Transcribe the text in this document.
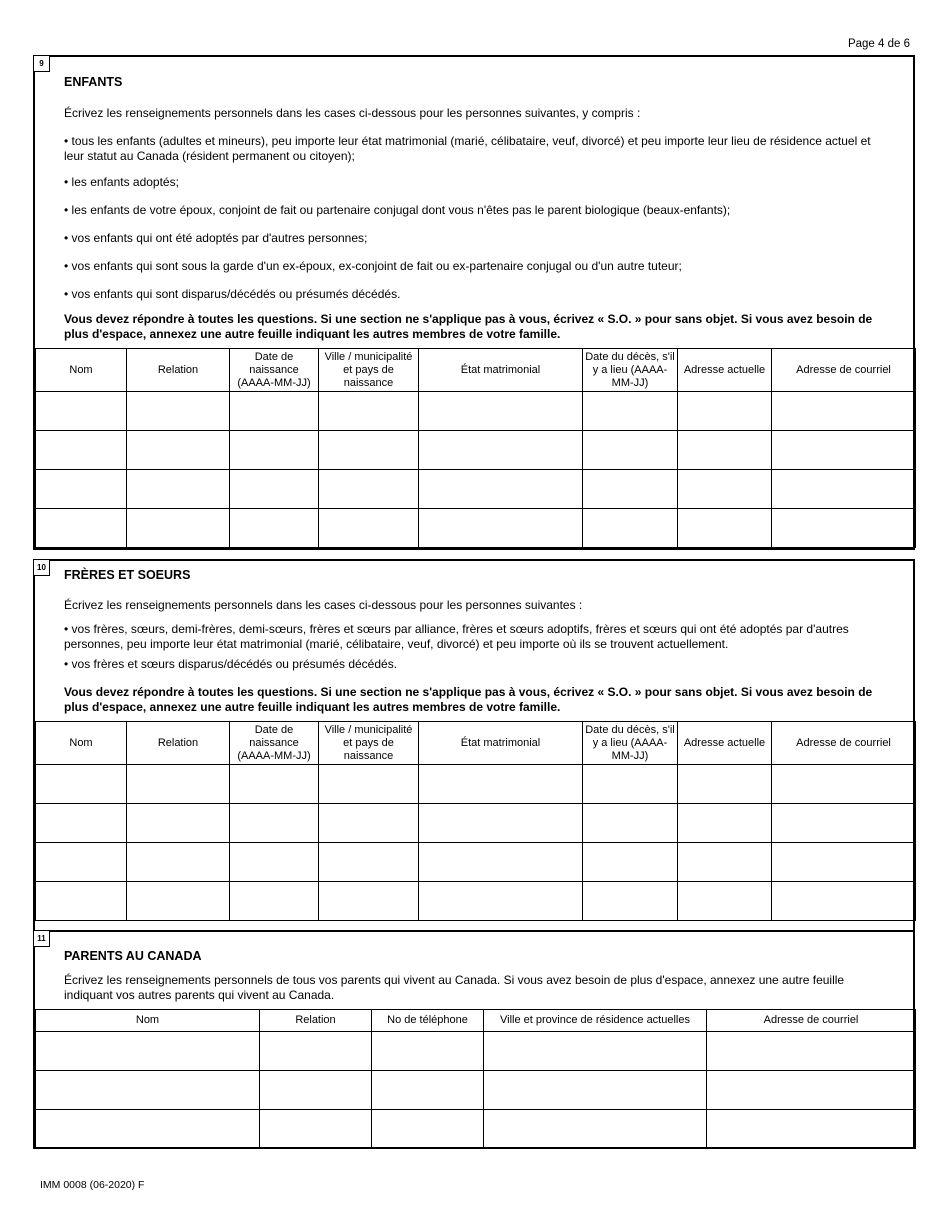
Page 4 de 6
9
ENFANTS
Écrivez les renseignements personnels dans les cases ci-dessous pour les personnes suivantes, y compris :
• tous les enfants (adultes et mineurs), peu importe leur état matrimonial (marié, célibataire, veuf, divorcé) et peu importe leur lieu de résidence actuel et leur statut au Canada (résident permanent ou citoyen);
• les enfants adoptés;
• les enfants de votre époux, conjoint de fait ou partenaire conjugal dont vous n'êtes pas le parent biologique (beaux-enfants);
• vos enfants qui ont été adoptés par d'autres personnes;
• vos enfants qui sont sous la garde d'un ex-époux, ex-conjoint de fait ou ex-partenaire conjugal ou d'un autre tuteur;
• vos enfants qui sont disparus/décédés ou présumés décédés.
Vous devez répondre à toutes les questions. Si une section ne s'applique pas à vous, écrivez « S.O. » pour sans objet. Si vous avez besoin de plus d'espace, annexez une autre feuille indiquant les autres membres de votre famille.
Nom	Relation	Date de naissance (AAAA-MM-JJ)	Ville / municipalité et pays de naissance	État matrimonial	Date du décès, s'il y a lieu (AAAA-MM-JJ)	Adresse actuelle	Adresse de courriel

10
FRÈRES ET SOEURS
Écrivez les renseignements personnels dans les cases ci-dessous pour les personnes suivantes :
• vos frères, sœurs, demi-frères, demi-sœurs, frères et sœurs par alliance, frères et sœurs adoptifs, frères et sœurs qui ont été adoptés par d'autres personnes, peu importe leur état matrimonial (marié, célibataire, veuf, divorcé) et peu importe où ils se trouvent actuellement.
• vos frères et sœurs disparus/décédés ou présumés décédés.
Vous devez répondre à toutes les questions. Si une section ne s'applique pas à vous, écrivez « S.O. » pour sans objet. Si vous avez besoin de plus d'espace, annexez une autre feuille indiquant les autres membres de votre famille.
Nom	Relation	Date de naissance (AAAA-MM-JJ)	Ville / municipalité et pays de naissance	État matrimonial	Date du décès, s'il y a lieu (AAAA-MM-JJ)	Adresse actuelle	Adresse de courriel

11
PARENTS AU CANADA
Écrivez les renseignements personnels de tous vos parents qui vivent au Canada. Si vous avez besoin de plus d'espace, annexez une autre feuille indiquant vos autres parents qui vivent au Canada.
Nom	Relation	No de téléphone	Ville et province de résidence actuelles	Adresse de courriel

IMM 0008 (06-2020) F
